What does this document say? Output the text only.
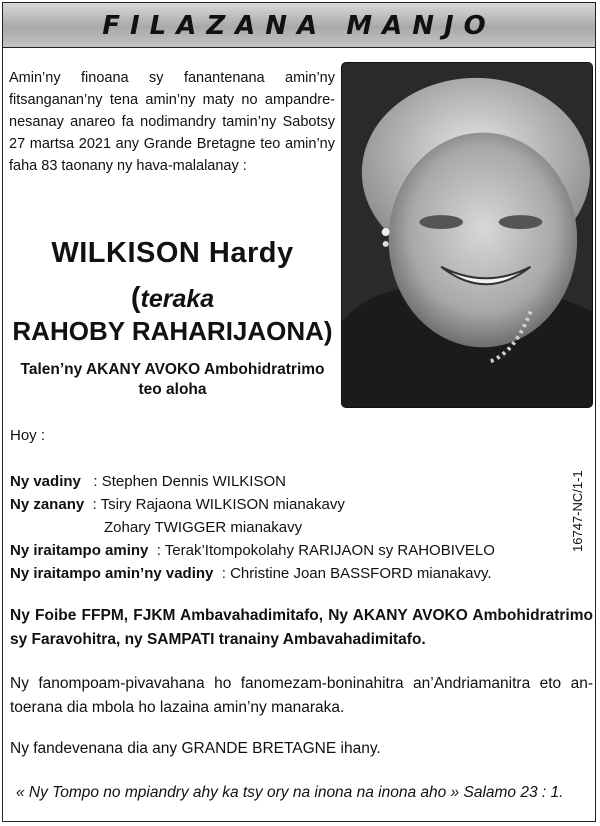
FILAZANA MANJO
Amin’ny finoana sy fanantenana amin’ny fitsanganan’ny tena amin’ny maty no ampandre-nesanay anareo fa nodimandry tamin’ny Sabotsy 27 martsa 2021 any Grande Bretagne teo amin’ny faha 83 taonany ny hava-malalanay :
WILKISON Hardy
(teraka
RAHOBY RAHARIJAONA)
Talen’ny AKANY AVOKO Ambohidratrimo teo aloha
Hoy :
Ny vadiny : Stephen Dennis WILKISON
Ny zanany : Tsiry Rajaona WILKISON mianakavy
Zohary TWIGGER mianakavy
Ny iraitampo aminy : Terak’Itompokolahy RARIJAON sy RAHOBIVELO
Ny iraitampo amin’ny vadiny : Christine Joan BASSFORD mianakavy.
16747-NC/1-1
Ny Foibe FFPM, FJKM Ambavahadimitafo, Ny AKANY AVOKO Ambohidratrimo sy Faravohitra, ny SAMPATI tranainy Ambavahadimitafo.
Ny fanompoam-pivavahana ho fanomezam-boninahitra an’Andriamanitra eto an-toerana dia mbola ho lazaina amin’ny manaraka.
Ny fandevenana dia any GRANDE BRETAGNE ihany.
« Ny Tompo no mpiandry ahy ka tsy ory na inona na inona aho » Salamo 23 : 1.
